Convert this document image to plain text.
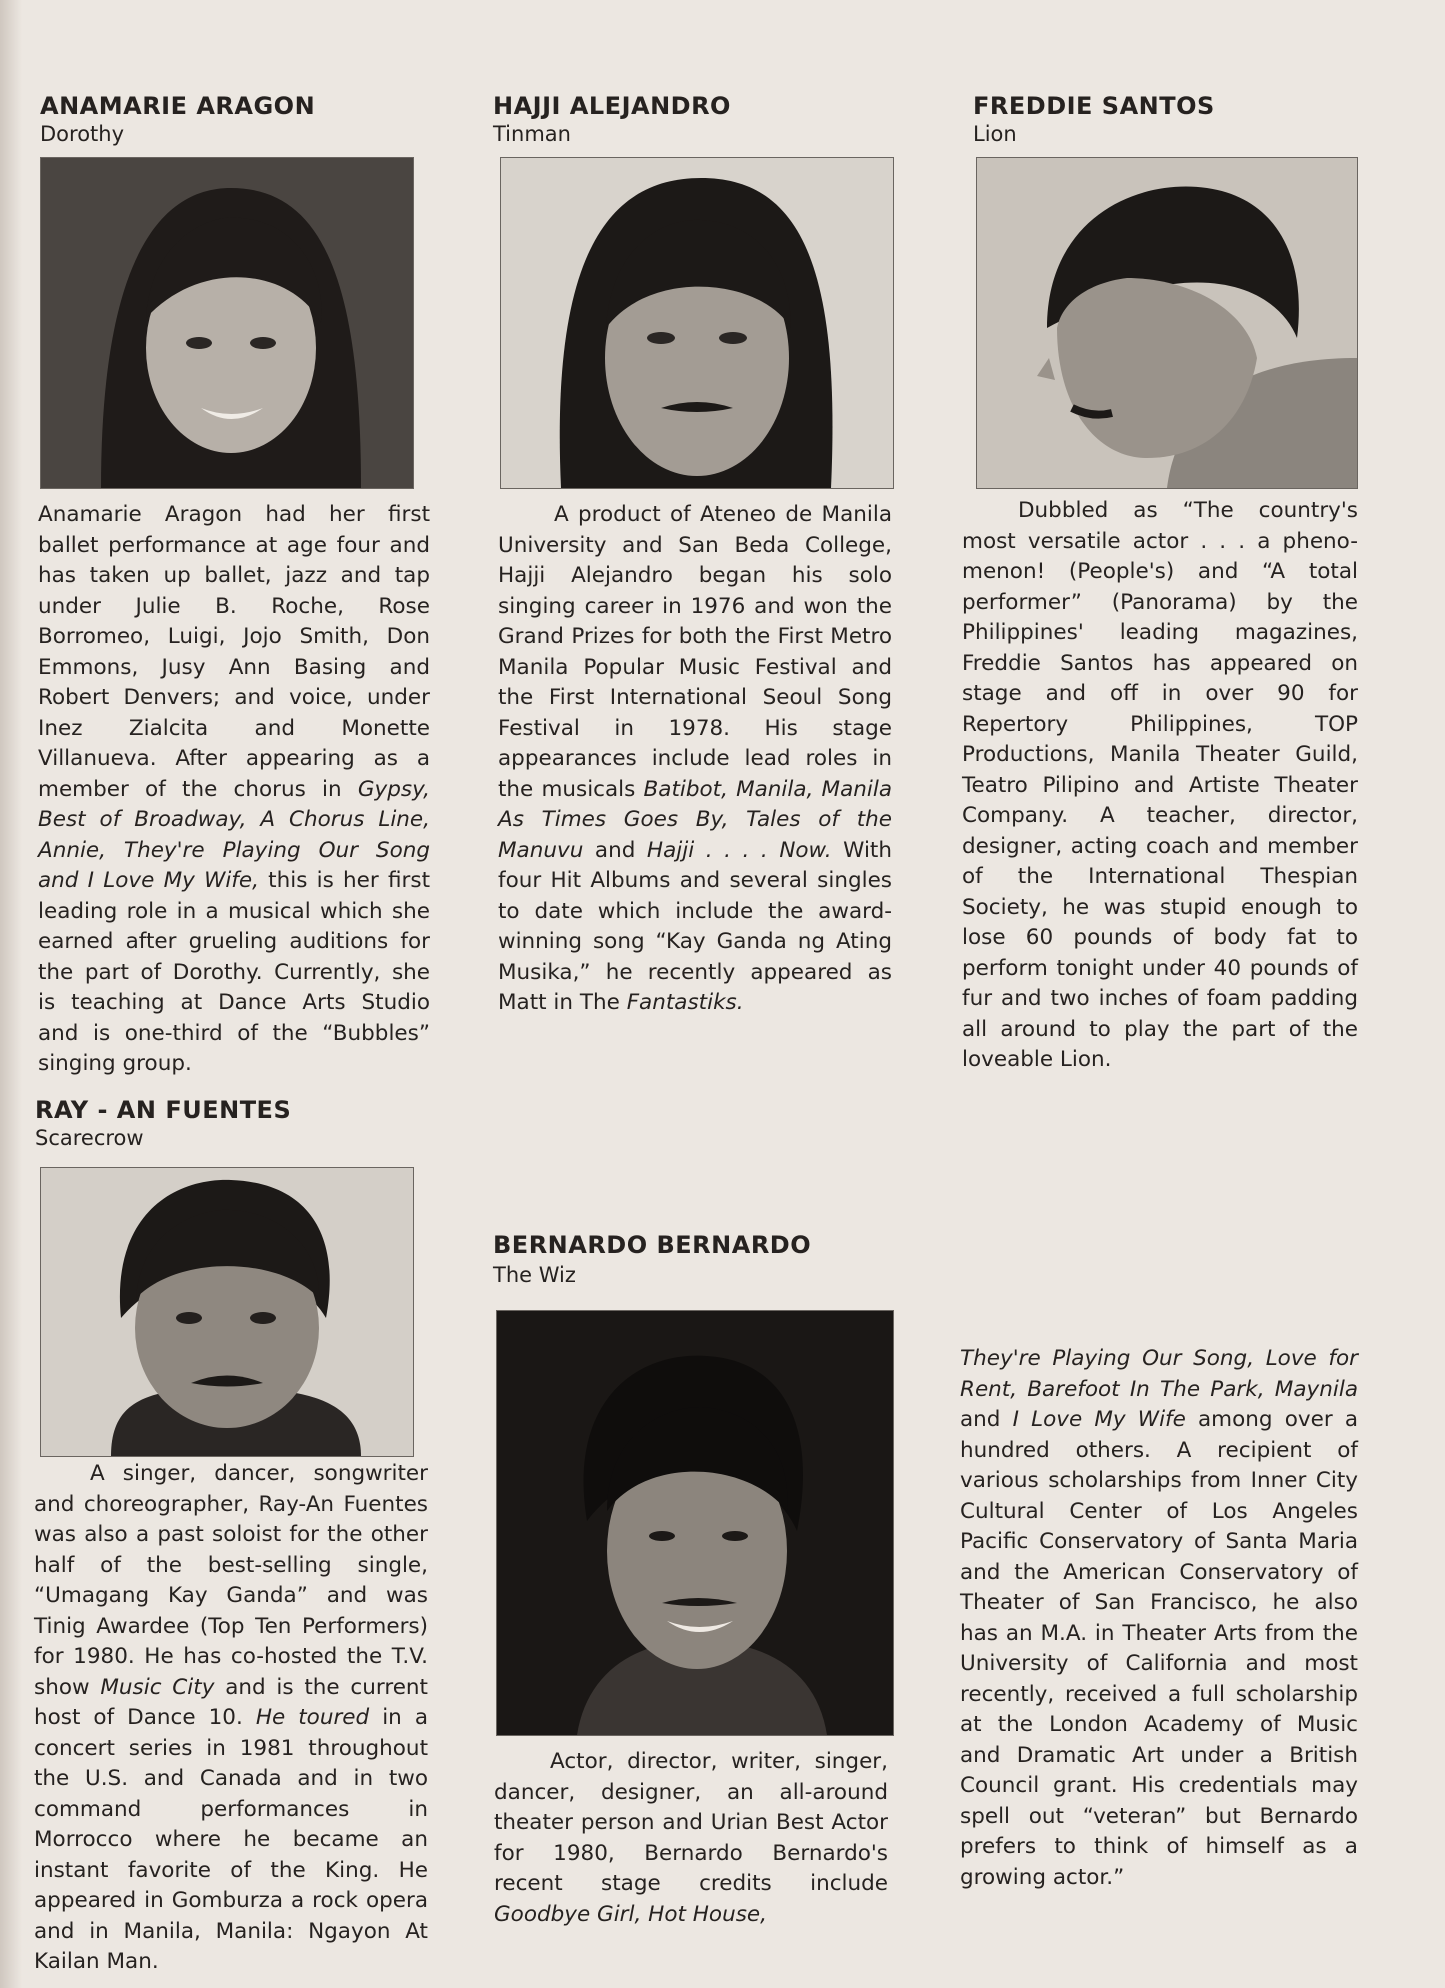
ANAMARIE ARAGON
Dorothy

Anamarie Aragon had her first ballet performance at age four and has taken up ballet, jazz and tap under Julie B. Roche, Rose Borromeo, Luigi, Jojo Smith, Don Emmons, Jusy Ann Basing and Robert Denvers; and voice, under Inez Zialcita and Monette Villanueva. After appearing as a member of the chorus in Gypsy, Best of Broadway, A Chorus Line, Annie, They're Playing Our Song and I Love My Wife, this is her first leading role in a musical which she earned after grueling auditions for the part of Dorothy. Currently, she is teaching at Dance Arts Studio and is one-third of the “Bubbles” singing group.

HAJJI ALEJANDRO
Tinman

A product of Ateneo de Manila University and San Beda College, Hajji Alejandro began his solo singing career in 1976 and won the Grand Prizes for both the First Metro Manila Popular Music Festival and the First International Seoul Song Festival in 1978. His stage appearances include lead roles in the musicals Batibot, Manila, Manila As Times Goes By, Tales of the Manuvu and Hajji . . . . Now. With four Hit Albums and several singles to date which include the award-winning song “Kay Ganda ng Ating Musika,” he recently appeared as Matt in The Fantastiks.

FREDDIE SANTOS
Lion

Dubbled as “The country's most versatile actor . . . a pheno-menon! (People's) and “A total performer” (Panorama) by the Philippines' leading magazines, Freddie Santos has appeared on stage and off in over 90 for Repertory Philippines, TOP Productions, Manila Theater Guild, Teatro Pilipino and Artiste Theater Company. A teacher, director, designer, acting coach and member of the International Thespian Society, he was stupid enough to lose 60 pounds of body fat to perform tonight under 40 pounds of fur and two inches of foam padding all around to play the part of the loveable Lion.

RAY - AN FUENTES
Scarecrow

A singer, dancer, songwriter and choreographer, Ray-An Fuentes was also a past soloist for the other half of the best-selling single, “Umagang Kay Ganda” and was Tinig Awardee (Top Ten Performers) for 1980. He has co-hosted the T.V. show Music City and is the current host of Dance 10. He toured in a concert series in 1981 throughout the U.S. and Canada and in two command performances in Morrocco where he became an instant favorite of the King. He appeared in Gomburza a rock opera and in Manila, Manila: Ngayon At Kailan Man.

BERNARDO BERNARDO
The Wiz

Actor, director, writer, singer, dancer, designer, an all-around theater person and Urian Best Actor for 1980, Bernardo Bernardo's recent stage credits include Goodbye Girl, Hot House,

They're Playing Our Song, Love for Rent, Barefoot In The Park, Maynila and I Love My Wife among over a hundred others. A recipient of various scholarships from Inner City Cultural Center of Los Angeles Pacific Conservatory of Santa Maria and the American Conservatory of Theater of San Francisco, he also has an M.A. in Theater Arts from the University of California and most recently, received a full scholarship at the London Academy of Music and Dramatic Art under a British Council grant. His credentials may spell out “veteran” but Bernardo prefers to think of himself as a growing actor.”
